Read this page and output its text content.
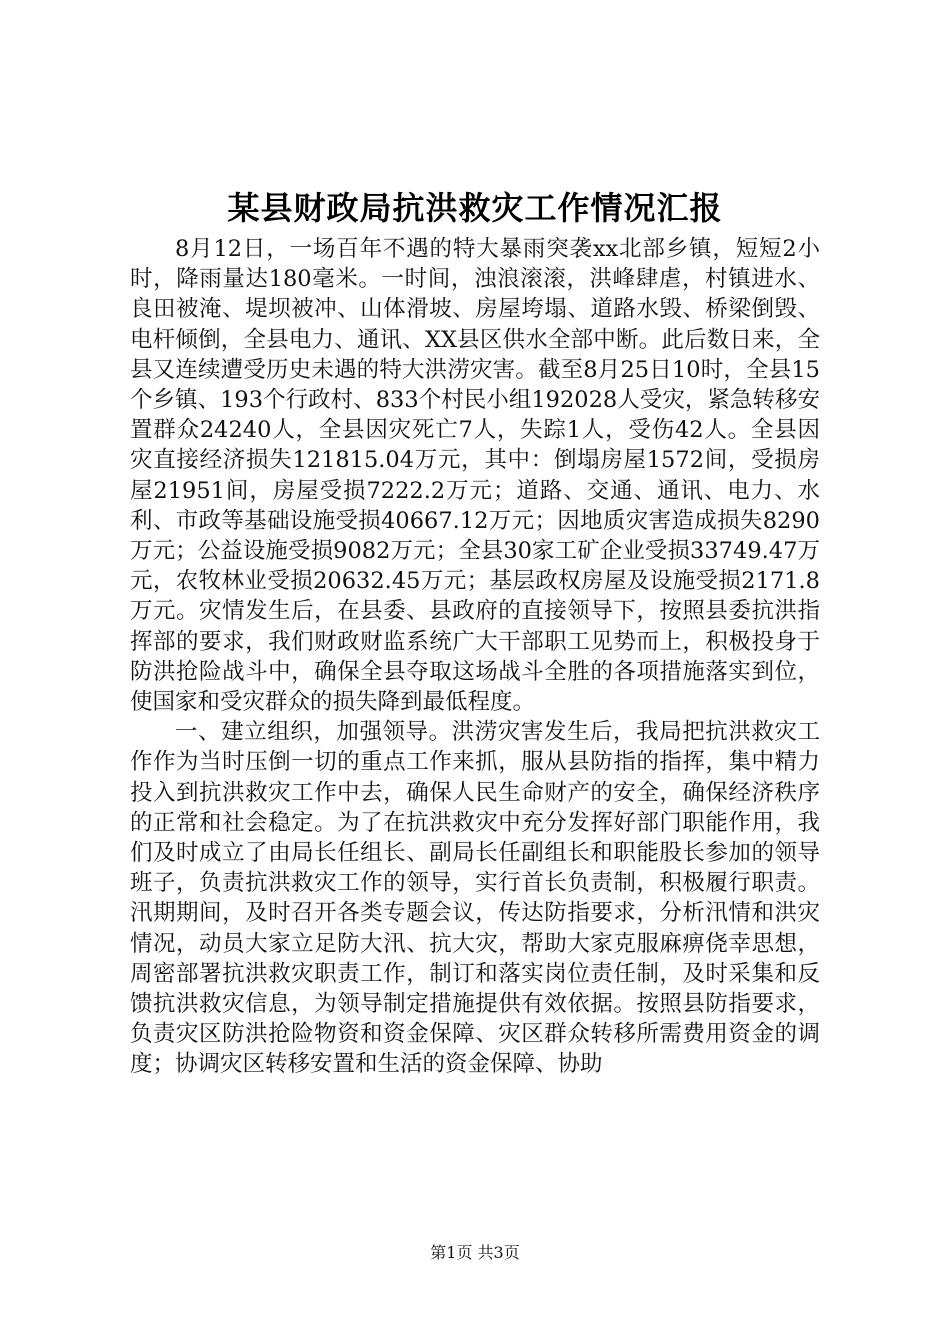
某县财政局抗洪救灾工作情况汇报

8月12日，一场百年不遇的特大暴雨突袭xx北部乡镇，短短2小时，降雨量达180毫米。一时间，浊浪滚滚，洪峰肆虐，村镇进水、良田被淹、堤坝被冲、山体滑坡、房屋垮塌、道路水毁、桥梁倒毁、电杆倾倒，全县电力、通讯、XX县区供水全部中断。此后数日来，全县又连续遭受历史未遇的特大洪涝灾害。截至8月25日10时，全县15个乡镇、193个行政村、833个村民小组192028人受灾，紧急转移安置群众24240人，全县因灾死亡7人，失踪1人，受伤42人。全县因灾直接经济损失121815.04万元，其中：倒塌房屋1572间，受损房屋21951间，房屋受损7222.2万元；道路、交通、通讯、电力、水利、市政等基础设施受损40667.12万元；因地质灾害造成损失8290万元；公益设施受损9082万元；全县30家工矿企业受损33749.47万元，农牧林业受损20632.45万元；基层政权房屋及设施受损2171.8万元。灾情发生后，在县委、县政府的直接领导下，按照县委抗洪指挥部的要求，我们财政财监系统广大干部职工见势而上，积极投身于防洪抢险战斗中，确保全县夺取这场战斗全胜的各项措施落实到位，使国家和受灾群众的损失降到最低程度。

一、建立组织，加强领导。洪涝灾害发生后，我局把抗洪救灾工作作为当时压倒一切的重点工作来抓，服从县防指的指挥，集中精力投入到抗洪救灾工作中去，确保人民生命财产的安全，确保经济秩序的正常和社会稳定。为了在抗洪救灾中充分发挥好部门职能作用，我们及时成立了由局长任组长、副局长任副组长和职能股长参加的领导班子，负责抗洪救灾工作的领导，实行首长负责制，积极履行职责。汛期期间，及时召开各类专题会议，传达防指要求，分析汛情和洪灾情况，动员大家立足防大汛、抗大灾，帮助大家克服麻痹侥幸思想，周密部署抗洪救灾职责工作，制订和落实岗位责任制，及时采集和反馈抗洪救灾信息，为领导制定措施提供有效依据。按照县防指要求，负责灾区防洪抢险物资和资金保障、灾区群众转移所需费用资金的调度；协调灾区转移安置和生活的资金保障、协助

第1页 共3页
